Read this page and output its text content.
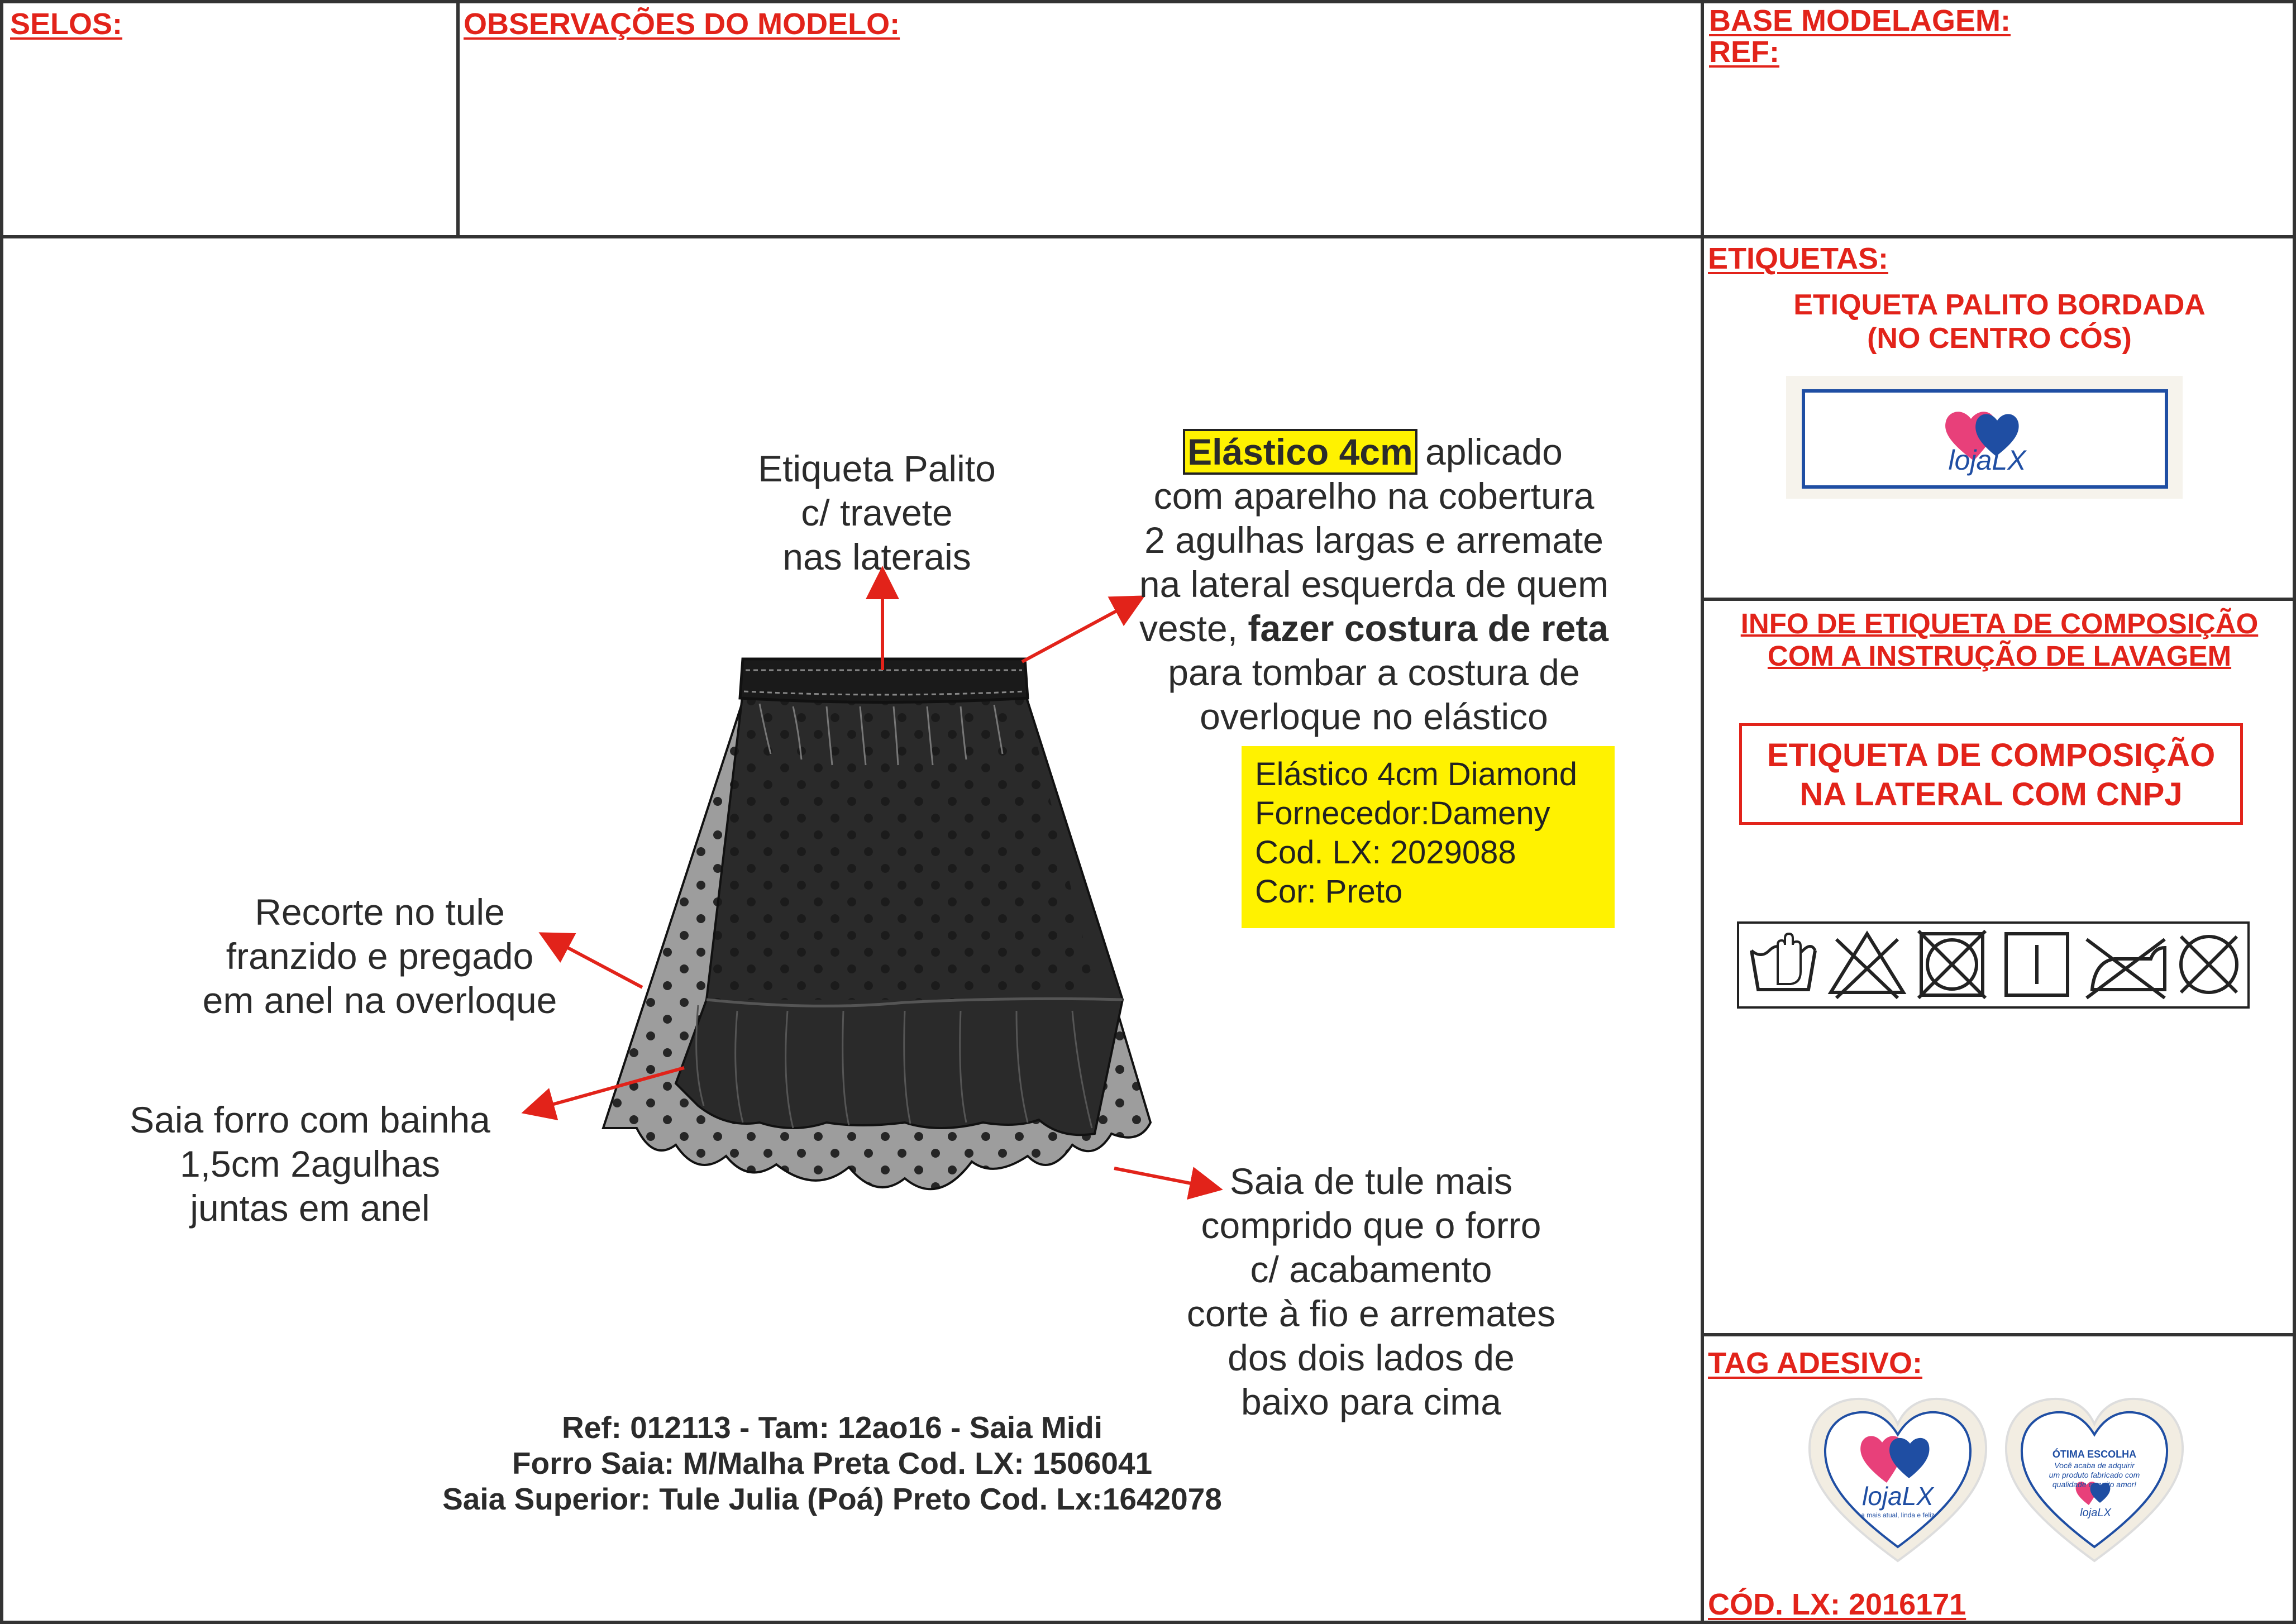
SELOS:	OBSERVAÇÕES DO MODELO:	BASE MODELAGEM:
REF:
ETIQUETAS:
ETIQUETA PALITO BORDADA
(NO CENTRO CÓS)
lojaLX
INFO DE ETIQUETA DE COMPOSIÇÃO
COM A INSTRUÇÃO DE LAVAGEM
ETIQUETA DE COMPOSIÇÃO
NA LATERAL COM CNPJ
TAG ADESIVO:
lojaLX
a mais atual, linda e feliz
ÓTIMA ESCOLHA
Você acaba de adquirir
um produto fabricado com
qualidade e muito amor!
lojaLX
CÓD. LX: 2016171
Etiqueta Palito
c/ travete
nas laterais
Elástico 4cm aplicado
com aparelho na cobertura
2 agulhas largas e arremate
na lateral esquerda de quem
veste, fazer costura de reta
para tombar a costura de
overloque no elástico
Elástico 4cm Diamond
Fornecedor:Dameny
Cod. LX: 2029088
Cor: Preto
Recorte no tule
franzido e pregado
em anel na overloque
Saia forro com bainha
1,5cm 2agulhas
juntas em anel
Saia de tule mais
comprido que o forro
c/ acabamento
corte à fio e arremates
dos dois lados de
baixo para cima
Ref: 012113 - Tam: 12ao16 - Saia Midi
Forro Saia: M/Malha Preta Cod. LX: 1506041
Saia Superior: Tule Julia (Poá) Preto Cod. Lx:1642078
